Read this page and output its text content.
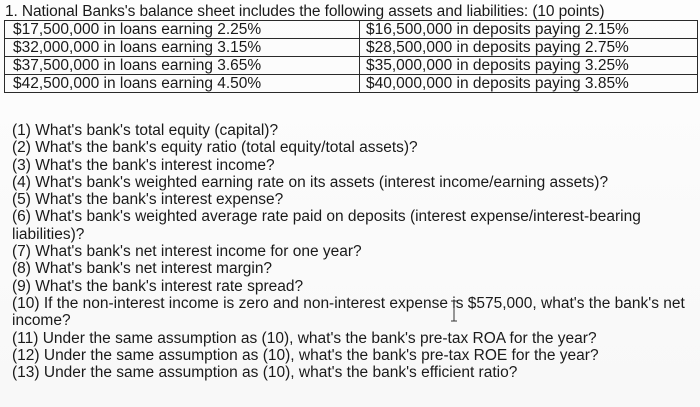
1. National Banks's balance sheet includes the following assets and liabilities: (10 points)
$17,500,000 in loans earning 2.25%	$16,500,000 in deposits paying 2.15%
$32,000,000 in loans earning 3.15%	$28,500,000 in deposits paying 2.75%
$37,500,000 in loans earning 3.65%	$35,000,000 in deposits paying 3.25%
$42,500,000 in loans earning 4.50%	$40,000,000 in deposits paying 3.85%

(1) What's bank's total equity (capital)?

(2) What's the bank's equity ratio (total equity/total assets)?

(3) What's the bank's interest income?

(4) What's bank's weighted earning rate on its assets (interest income/earning assets)?

(5) What's the bank's interest expense?

(6) What's bank's weighted average rate paid on deposits (interest expense/interest-bearing liabilities)?

(7) What's bank's net interest income for one year?

(8) What's bank's net interest margin?

(9) What's the bank's interest rate spread?

(10) If the non-interest income is zero and non-interest expense is $575,000, what's the bank's net income?

(11) Under the same assumption as (10), what's the bank's pre-tax ROA for the year?

(12) Under the same assumption as (10), what's the bank's pre-tax ROE for the year?

(13) Under the same assumption as (10), what's the bank's efficient ratio?
